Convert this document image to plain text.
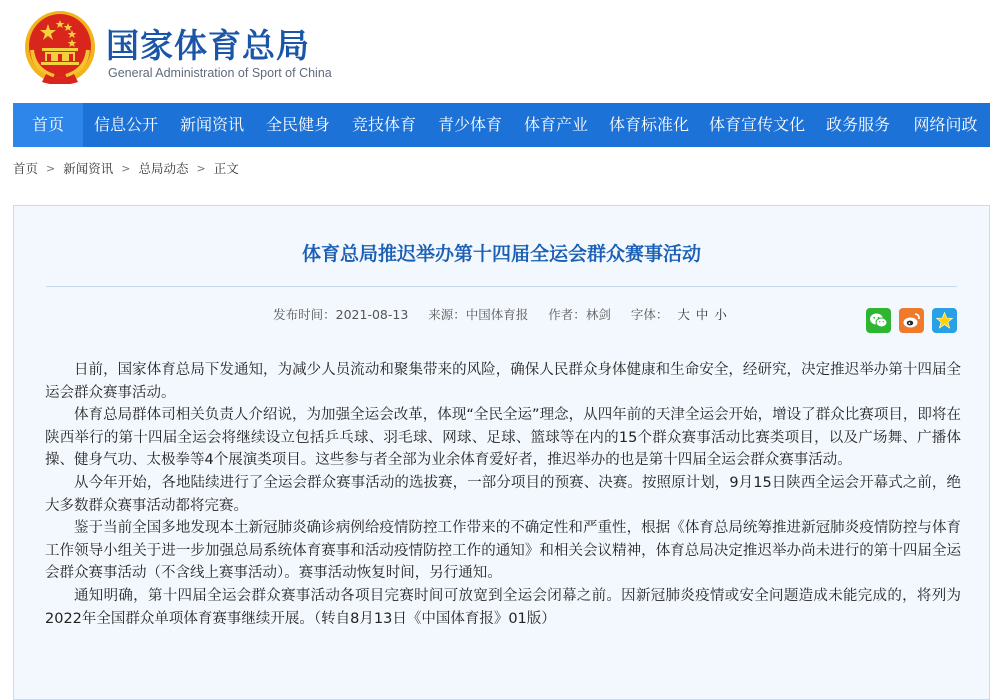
国家体育总局
General Administration of Sport of China
首页	信息公开	新闻资讯	全民健身	竞技体育	青少体育	体育产业	体育标准化	体育宣传文化	政务服务	网络问政
首页 > 新闻资讯 > 总局动态 > 正文
体育总局推迟举办第十四届全运会群众赛事活动
发布时间：2021-08-13 来源：中国体育报 作者：林剑 字体： 大 中 小

日前，国家体育总局下发通知，为减少人员流动和聚集带来的风险，确保人民群众身体健康和生命安全，经研究，决定推迟举办第十四届全运会群众赛事活动。

体育总局群体司相关负责人介绍说，为加强全运会改革，体现“全民全运”理念，从四年前的天津全运会开始，增设了群众比赛项目，即将在陕西举行的第十四届全运会将继续设立包括乒乓球、羽毛球、网球、足球、篮球等在内的15个群众赛事活动比赛类项目，以及广场舞、广播体操、健身气功、太极拳等4个展演类项目。这些参与者全部为业余体育爱好者，推迟举办的也是第十四届全运会群众赛事活动。

从今年开始，各地陆续进行了全运会群众赛事活动的选拔赛，一部分项目的预赛、决赛。按照原计划，9月15日陕西全运会开幕式之前，绝大多数群众赛事活动都将完赛。

鉴于当前全国多地发现本土新冠肺炎确诊病例给疫情防控工作带来的不确定性和严重性，根据《体育总局统筹推进新冠肺炎疫情防控与体育工作领导小组关于进一步加强总局系统体育赛事和活动疫情防控工作的通知》和相关会议精神，体育总局决定推迟举办尚未进行的第十四届全运会群众赛事活动（不含线上赛事活动）。赛事活动恢复时间，另行通知。

通知明确，第十四届全运会群众赛事活动各项目完赛时间可放宽到全运会闭幕之前。因新冠肺炎疫情或安全问题造成未能完成的，将列为2022年全国群众单项体育赛事继续开展。（转自8月13日《中国体育报》01版）
